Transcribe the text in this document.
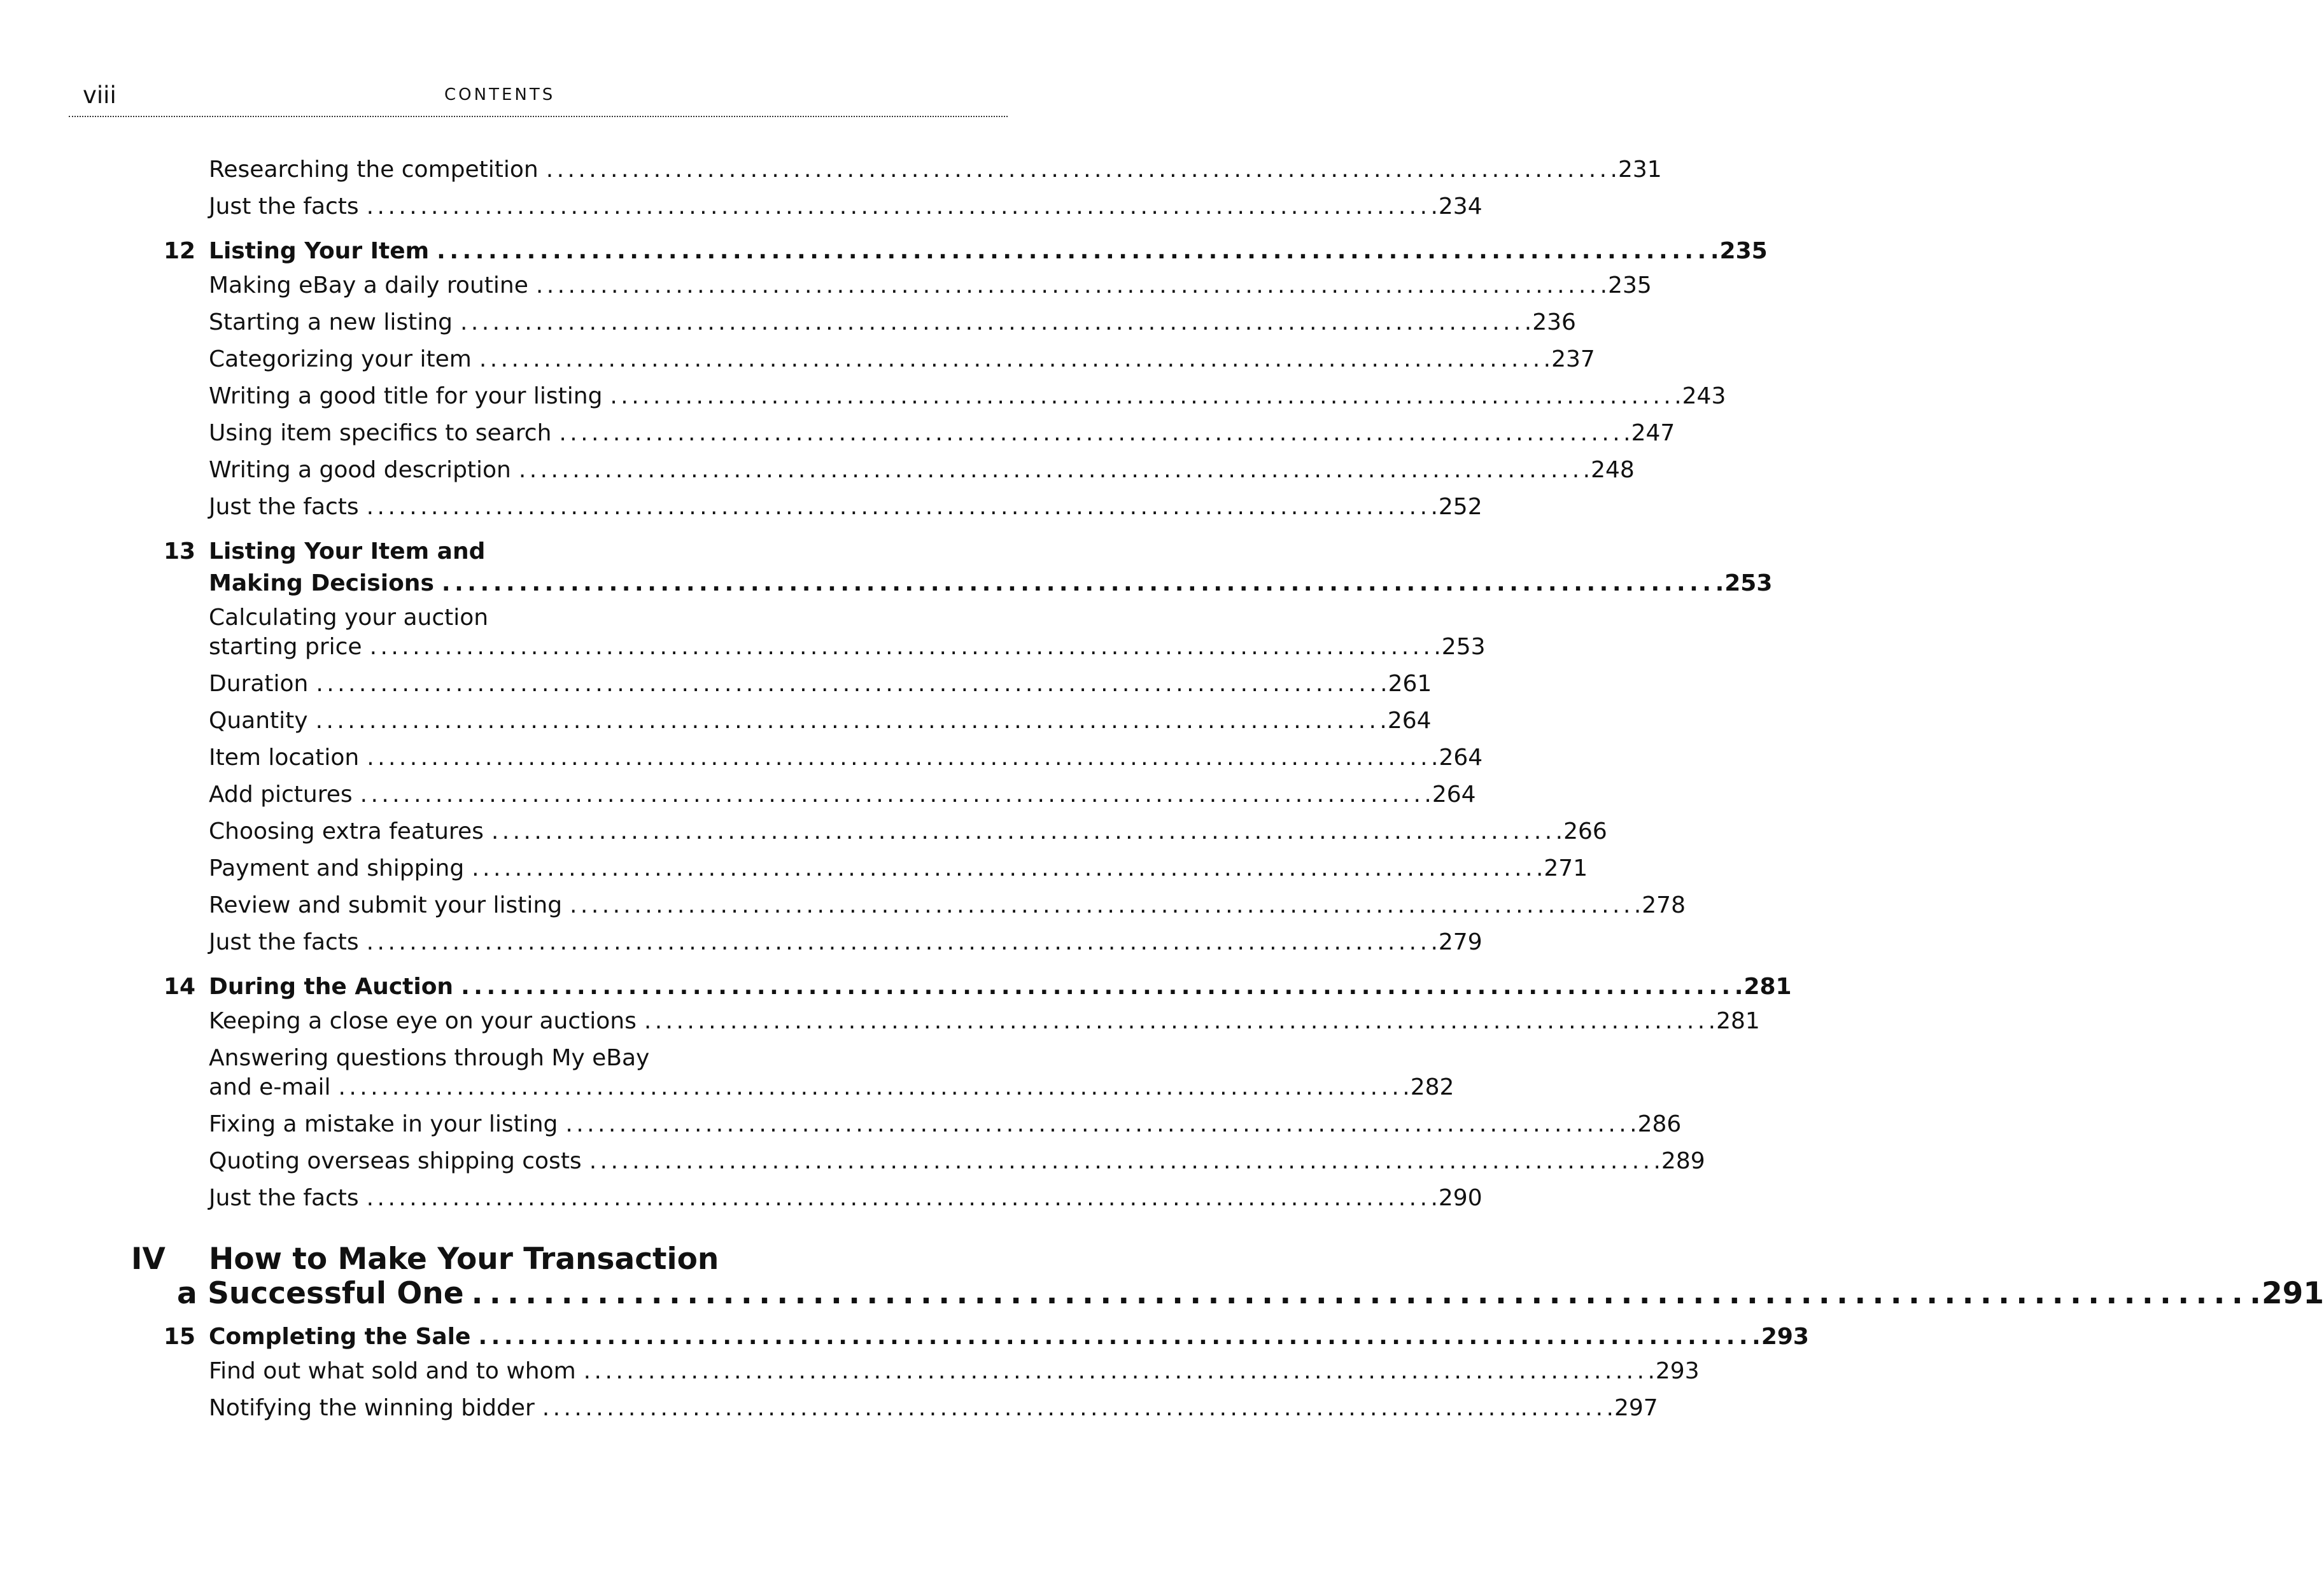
viii	CONTENTS
Researching the competition . . .	231
Just the facts . . .	234
12 Listing Your Item . . .	235
Making eBay a daily routine . . .	235
Starting a new listing . . .	236
Categorizing your item . . .	237
Writing a good title for your listing . . .	243
Using item specifics to search . . .	247
Writing a good description . . .	248
Just the facts . . .	252
13 Listing Your Item and
Making Decisions . . .	253
Calculating your auction
starting price . . .	253
Duration . . .	261
Quantity . . .	264
Item location . . .	264
Add pictures . . .	264
Choosing extra features . . .	266
Payment and shipping . . .	271
Review and submit your listing . . .	278
Just the facts . . .	279
14 During the Auction . . .	281
Keeping a close eye on your auctions . . .	281
Answering questions through My eBay
and e-mail . . .	282
Fixing a mistake in your listing . . .	286
Quoting overseas shipping costs . . .	289
Just the facts . . .	290
IV	How to Make Your Transaction
a Successful One . . .	291
15 Completing the Sale . . .	293
Find out what sold and to whom . . .	293
Notifying the winning bidder . . .	297
